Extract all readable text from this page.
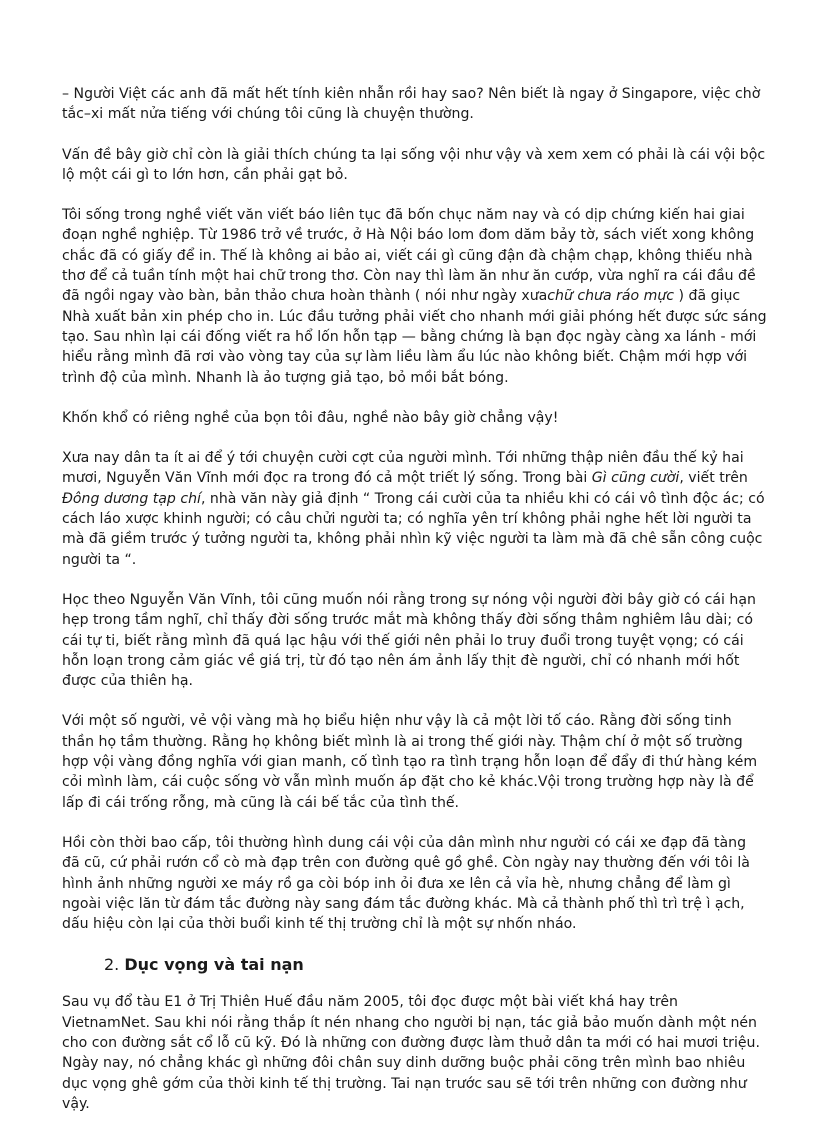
– Người Việt các anh đã mất hết tính kiên nhẫn rồi hay sao? Nên biết là ngay ở Singapore, việc chờ tắc–xi mất nửa tiếng với chúng tôi cũng là chuyện thường.

Vấn đề bây giờ chỉ còn là giải thích chúng ta lại sống vội như vậy và xem xem có phải là cái vội bộc lộ một cái gì to lớn hơn, cần phải gạt bỏ.

Tôi sống trong nghề viết văn viết báo liên tục đã bốn chục năm nay và có dịp chứng kiến hai giai đoạn nghề nghiệp. Từ 1986 trở về trước, ở Hà Nội báo lom đom dăm bảy tờ, sách viết xong không chắc đã có giấy để in. Thế là không ai bảo ai, viết cái gì cũng đận đà chậm chạp, không thiếu nhà thơ để cả tuần tính một hai chữ trong thơ. Còn nay thì làm ăn như ăn cướp, vừa nghĩ ra cái đầu đề đã ngồi ngay vào bàn, bản thảo chưa hoàn thành ( nói như ngày xưachữ chưa ráo mực ) đã giục Nhà xuất bản xin phép cho in. Lúc đầu tưởng phải viết cho nhanh mới giải phóng hết được sức sáng tạo. Sau nhìn lại cái đống viết ra hổ lốn hỗn tạp — bằng chứng là bạn đọc ngày càng xa lánh - mới hiểu rằng mình đã rơi vào vòng tay của sự làm liều làm ẩu lúc nào không biết. Chậm mới hợp với trình độ của mình. Nhanh là ảo tượng giả tạo, bỏ mồi bắt bóng.

Khốn khổ có riêng nghề của bọn tôi đâu, nghề nào bây giờ chẳng vậy!

Xưa nay dân ta ít ai để ý tới chuyện cười cợt của người mình. Tới những thập niên đầu thế kỷ hai mươi, Nguyễn Văn Vĩnh mới đọc ra trong đó cả một triết lý sống. Trong bài Gì cũng cười, viết trên Đông dương tạp chí, nhà văn này giả định “ Trong cái cười của ta nhiều khi có cái vô tình độc ác; có cách láo xược khinh người; có câu chửi người ta; có nghĩa yên trí không phải nghe hết lời người ta mà đã giềm trước ý tưởng người ta, không phải nhìn kỹ việc người ta làm mà đã chê sẵn công cuộc người ta “.

Học theo Nguyễn Văn Vĩnh, tôi cũng muốn nói rằng trong sự nóng vội người đời bây giờ có cái hạn hẹp trong tầm nghĩ, chỉ thấy đời sống trước mắt mà không thấy đời sống thâm nghiêm lâu dài; có cái tự ti, biết rằng mình đã quá lạc hậu với thế giới nên phải lo truy đuổi trong tuyệt vọng; có cái hỗn loạn trong cảm giác về giá trị, từ đó tạo nên ám ảnh lấy thịt đè người, chỉ có nhanh mới hốt được của thiên hạ.

Với một số người, vẻ vội vàng mà họ biểu hiện như vậy là cả một lời tố cáo. Rằng đời sống tinh thần họ tầm thường. Rằng họ không biết mình là ai trong thế giới này. Thậm chí ở một số trường hợp vội vàng đồng nghĩa với gian manh, cố tình tạo ra tình trạng hỗn loạn để đẩy đi thứ hàng kém cỏi mình làm, cái cuộc sống vờ vẫn mình muốn áp đặt cho kẻ khác.Vội trong trường hợp này là để lấp đi cái trống rỗng, mà cũng là cái bế tắc của tình thế.

Hồi còn thời bao cấp, tôi thường hình dung cái vội của dân mình như người có cái xe đạp đã tàng đã cũ, cứ phải rướn cổ cò mà đạp trên con đường quê gồ ghề. Còn ngày nay thường đến với tôi là hình ảnh những người xe máy rồ ga còi bóp inh ỏi đưa xe lên cả vỉa hè, nhưng chẳng để làm gì ngoài việc lăn từ đám tắc đường này sang đám tắc đường khác. Mà cả thành phố thì trì trệ ì ạch, dấu hiệu còn lại của thời buổi kinh tế thị trường chỉ là một sự nhốn nháo.

2. Dục vọng và tai nạn

Sau vụ đổ tàu E1 ở Trị Thiên Huế đầu năm 2005, tôi đọc được một bài viết khá hay trên VietnamNet. Sau khi nói rằng thắp ít nén nhang cho người bị nạn, tác giả bảo muốn dành một nén cho con đường sắt cổ lỗ cũ kỹ. Đó là những con đường được làm thuở dân ta mới có hai mươi triệu. Ngày nay, nó chẳng khác gì những đôi chân suy dinh dưỡng buộc phải cõng trên mình bao nhiêu dục vọng ghê gớm của thời kinh tế thị trường. Tai nạn trước sau sẽ tới trên những con đường như vậy.
